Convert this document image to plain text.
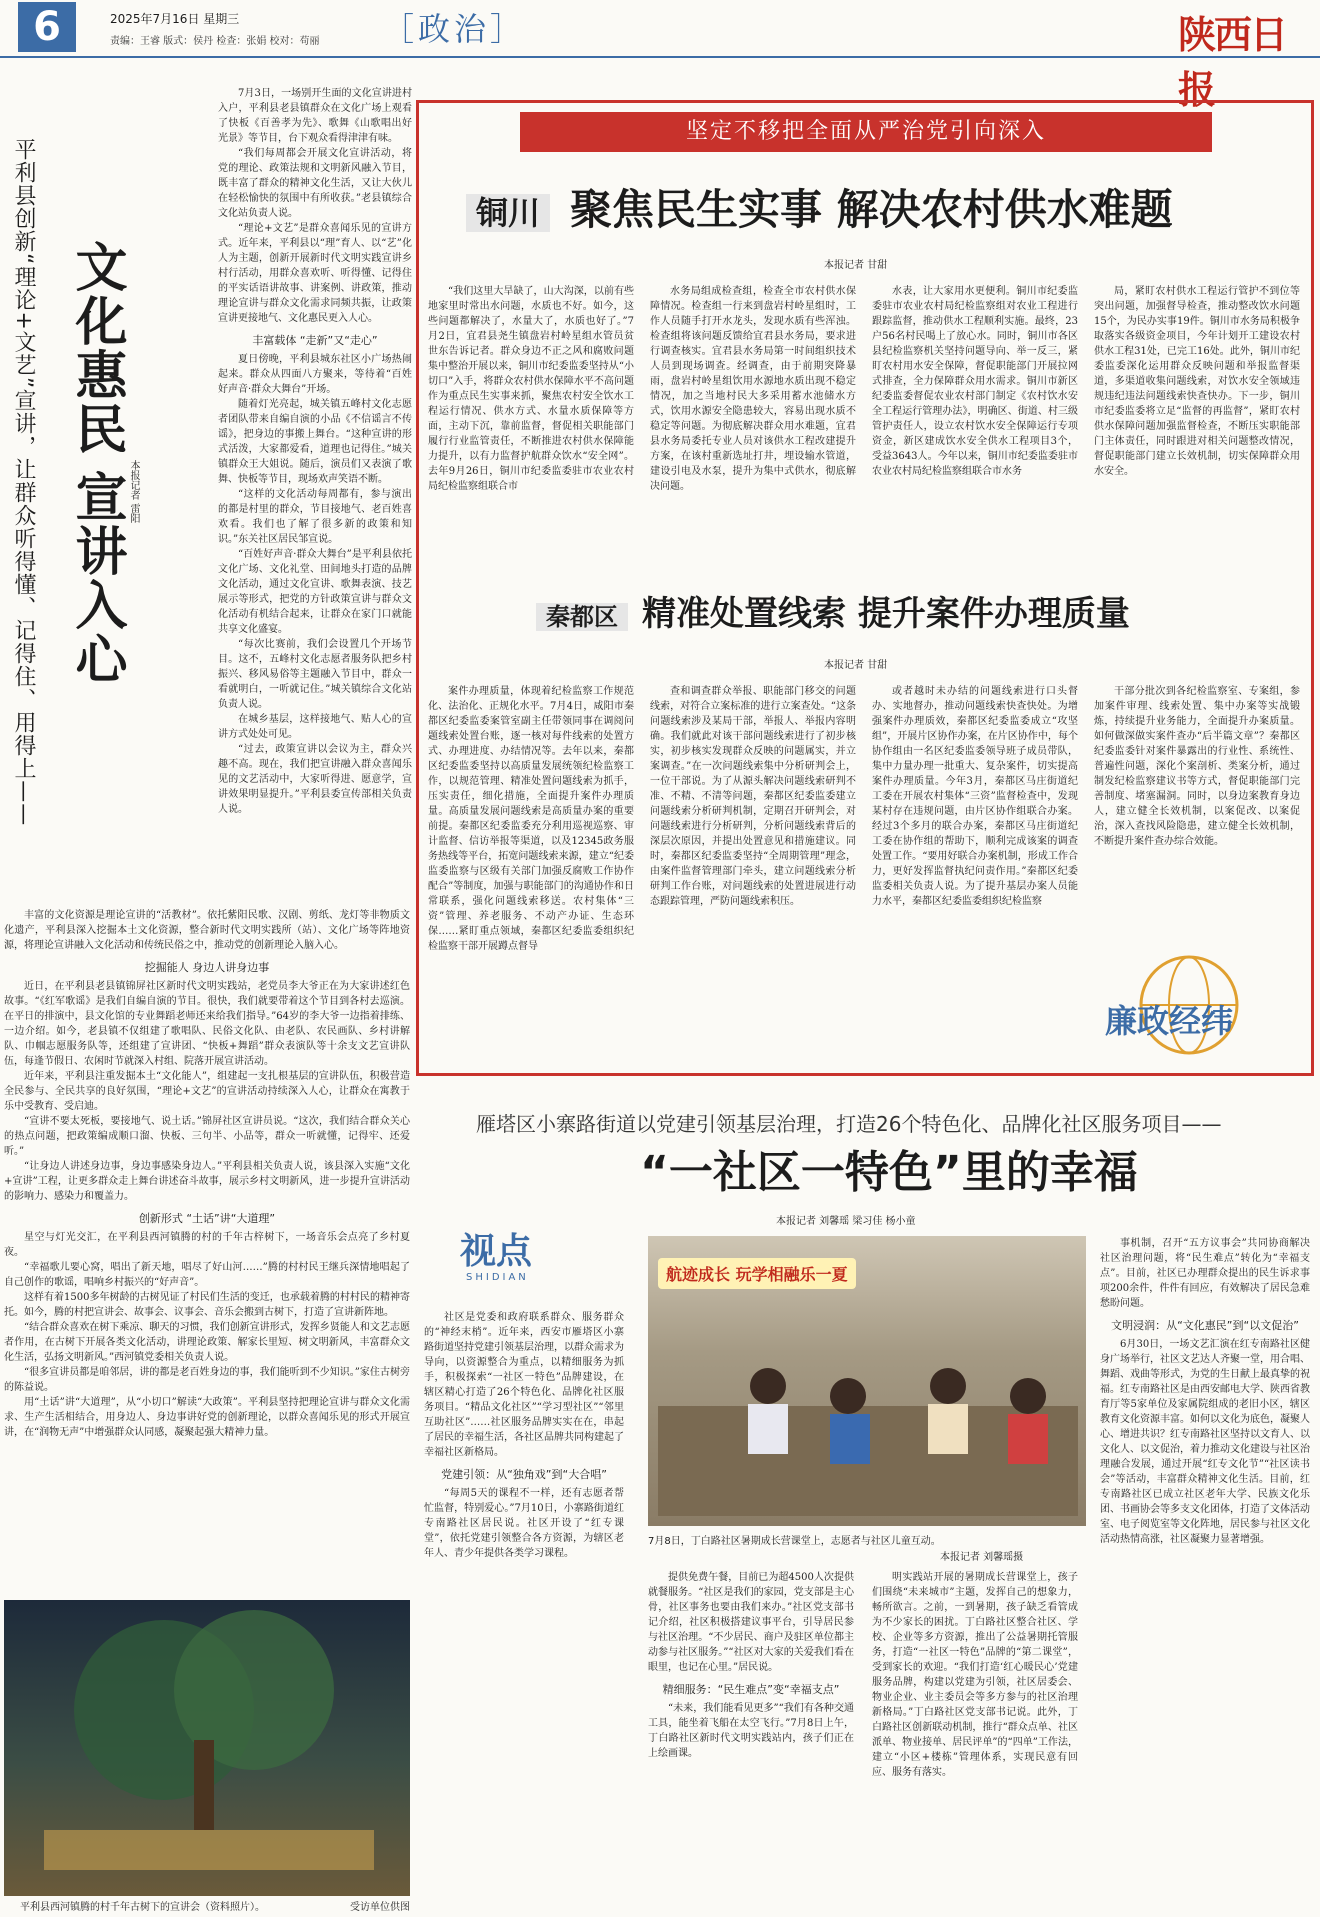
6	2025年7月16日 星期三
责编：王睿 版式：侯丹 检查：张娟 校对：苟丽 ［政治］	陕西日报
平利县创新“理论+文艺”宣讲，让群众听得懂、记得住、用得上—— 文化惠民
宣讲入心 本报记者 雷阳

7月3日，一场别开生面的文化宣讲进村入户，平利县老县镇群众在文化广场上观看了快板《百善孝为先》、歌舞《山歌唱出好光景》等节目，台下观众看得津津有味。

“我们每周都会开展文化宣讲活动，将党的理论、政策法规和文明新风融入节目，既丰富了群众的精神文化生活，又让大伙儿在轻松愉快的氛围中有所收获。”老县镇综合文化站负责人说。

“理论+文艺”是群众喜闻乐见的宣讲方式。近年来，平利县以“理”育人、以“艺”化人为主题，创新开展新时代文明实践宣讲乡村行活动，用群众喜欢听、听得懂、记得住的平实话语讲故事、讲案例、讲政策，推动理论宣讲与群众文化需求同频共振，让政策宣讲更接地气、文化惠民更入人心。

丰富载体 “走新”又“走心”

夏日傍晚，平利县城东社区小广场热闹起来。群众从四面八方聚来，等待着“百姓好声音·群众大舞台”开场。

随着灯光亮起，城关镇五峰村文化志愿者团队带来自编自演的小品《不信谣言不传谣》，把身边的事搬上舞台。“这种宣讲的形式活泼，大家都爱看，道理也记得住。”城关镇群众王大姐说。随后，演员们又表演了歌舞、快板等节目，现场欢声笑语不断。

“这样的文化活动每周都有，参与演出的都是村里的群众，节目接地气、老百姓喜欢看。我们也了解了很多新的政策和知识。”东关社区居民邹宣说。

“百姓好声音·群众大舞台”是平利县依托文化广场、文化礼堂、田间地头打造的品牌文化活动，通过文化宣讲、歌舞表演、技艺展示等形式，把党的方针政策宣讲与群众文化活动有机结合起来，让群众在家门口就能共享文化盛宴。

“每次比赛前，我们会设置几个开场节目。这不，五峰村文化志愿者服务队把乡村振兴、移风易俗等主题融入节目中，群众一看就明白，一听就记住。”城关镇综合文化站负责人说。

在城乡基层，这样接地气、贴人心的宣讲方式处处可见。

“过去，政策宣讲以会议为主，群众兴趣不高。现在，我们把宣讲融入群众喜闻乐见的文艺活动中，大家听得进、愿意学，宣讲效果明显提升。”平利县委宣传部相关负责人说。

丰富的文化资源是理论宣讲的“活教材”。依托紫阳民歌、汉剧、剪纸、龙灯等非物质文化遗产，平利县深入挖掘本土文化资源，整合新时代文明实践所（站）、文化广场等阵地资源，将理论宣讲融入文化活动和传统民俗之中，推动党的创新理论入脑入心。

挖掘能人 身边人讲身边事

近日，在平利县老县镇锦屏社区新时代文明实践站，老党员李大爷正在为大家讲述红色故事。“《红军歌谣》是我们自编自演的节目。很快，我们就要带着这个节目到各村去巡演。在平日的排演中，县文化馆的专业舞蹈老师还来给我们指导。”64岁的李大爷一边指着排练、一边介绍。如今，老县镇不仅组建了歌唱队、民俗文化队、由老队、农民画队、乡村讲解队、巾帼志愿服务队等，还组建了宣讲团、“快板+舞蹈”群众表演队等十余支文艺宣讲队伍，每逢节假日、农闲时节就深入村组、院落开展宣讲活动。

近年来，平利县注重发掘本土“文化能人”，组建起一支扎根基层的宣讲队伍，积极营造全民参与、全民共享的良好氛围，“理论+文艺”的宣讲活动持续深入人心，让群众在寓教于乐中受教育、受启迪。

“宣讲不要太死板，要接地气、说土话。”锦屏社区宣讲员说。“这次，我们结合群众关心的热点问题，把政策编成顺口溜、快板、三句半、小品等，群众一听就懂，记得牢、还爱听。”

“让身边人讲述身边事，身边事感染身边人。”平利县相关负责人说，该县深入实施“文化+宣讲”工程，让更多群众走上舞台讲述奋斗故事，展示乡村文明新风，进一步提升宣讲活动的影响力、感染力和覆盖力。

创新形式 “土话”讲“大道理”

星空与灯光交汇，在平利县西河镇腾的村的千年古梓树下，一场音乐会点亮了乡村夏夜。

“幸福歌儿要心窝，唱出了新天地，唱尽了好山河……”腾的村村民王继兵深情地唱起了自己创作的歌谣，唱响乡村振兴的“好声音”。

这样有着1500多年树龄的古树见证了村民们生活的变迁，也承载着腾的村村民的精神寄托。如今，腾的村把宣讲会、故事会、议事会、音乐会搬到古树下，打造了宣讲新阵地。

“结合群众喜欢在树下乘凉、聊天的习惯，我们创新宣讲形式，发挥乡贤能人和文艺志愿者作用，在古树下开展各类文化活动，讲理论政策、解家长里短、树文明新风，丰富群众文化生活，弘扬文明新风。”西河镇党委相关负责人说。

“很多宣讲员都是咱邻居，讲的都是老百姓身边的事，我们能听到不少知识。”家住古树旁的陈益说。

用“土话”讲“大道理”，从“小切口”解读“大政策”。平利县坚持把理论宣讲与群众文化需求、生产生活相结合，用身边人、身边事讲好党的创新理论，以群众喜闻乐见的形式开展宣讲，在“润物无声”中增强群众认同感，凝聚起强大精神力量。

平利县西河镇腾的村千年古树下的宣讲会（资料照片）。	受访单位供图
坚定不移把全面从严治党引向深入
铜川 聚焦民生实事 解决农村供水难题
本报记者 甘甜

“我们这里大旱缺了，山大沟深，以前有些地家里时常出水问题，水质也不好。如今，这些问题都解决了，水量大了，水质也好了。”7月2日，宜君县尧生镇盘岩村岭星组水管员贫世东告诉记者。群众身边不正之风和腐败问题集中整治开展以来，铜川市纪委监委坚持从“小切口”入手，将群众农村供水保障水平不高问题作为重点民生实事来抓，聚焦农村安全饮水工程运行情况、供水方式、水量水质保障等方面，主动下沉，靠前监督，督促相关职能部门履行行业监管责任，不断推进农村供水保障能力提升，以有力监督护航群众饮水“安全网”。去年9月26日，铜川市纪委监委驻市农业农村局纪检监察组联合市

水务局组成检查组，检查全市农村供水保障情况。检查组一行来到盘岩村岭星组时，工作人员随手打开水龙头，发现水质有些浑浊。检查组将该问题反馈给宜君县水务局，要求进行调查核实。宜君县水务局第一时间组织技术人员到现场调查。经调查，由于前期突降暴雨，盘岩村岭星组饮用水源地水质出现不稳定情况，加之当地村民大多采用蓄水池储水方式，饮用水源安全隐患较大，容易出现水质不稳定等问题。为彻底解决群众用水难题，宜君县水务局委托专业人员对该供水工程改建提升方案，在该村重新选址打井，埋设输水管道，建设引电及水泵，提升为集中式供水，彻底解决问题。

水表，让大家用水更便利。铜川市纪委监委驻市农业农村局纪检监察组对农业工程进行跟踪监督，推动供水工程顺利实施。最终，23户56名村民喝上了放心水。同时，铜川市各区县纪检监察机关坚持问题导向、举一反三，紧盯农村用水安全保障，督促职能部门开展拉网式排查，全力保障群众用水需求。铜川市新区纪委监委督促农业农村部门制定《农村饮水安全工程运行管理办法》，明确区、街道、村三级管护责任人，设立农村饮水安全保障运行专项资金，新区建成饮水安全供水工程项目3个，受益3643人。今年以来，铜川市纪委监委驻市农业农村局纪检监察组联合市水务

局，紧盯农村供水工程运行管护不到位等突出问题，加强督导检查，推动整改饮水问题15个，为民办实事19件。铜川市水务局积极争取落实各级资金项目，今年计划开工建设农村供水工程31处，已完工16处。此外，铜川市纪委监委深化运用群众反映问题和举报监督渠道，多渠道收集问题线索，对饮水安全领域违规违纪违法问题线索快查快办。下一步，铜川市纪委监委将立足“监督的再监督”，紧盯农村供水保障问题加强监督检查，不断压实职能部门主体责任，同时跟进对相关问题整改情况，督促职能部门建立长效机制，切实保障群众用水安全。

秦都区 精准处置线索 提升案件办理质量
本报记者 甘甜

案件办理质量，体现着纪检监察工作规范化、法治化、正规化水平。7月4日，咸阳市秦都区纪委监委案管室副主任带领同事在调阅问题线索处置台账，逐一核对每件线索的处置方式、办理进度、办结情况等。去年以来，秦都区纪委监委坚持以高质量发展统领纪检监察工作，以规范管理、精准处置问题线索为抓手，压实责任，细化措施，全面提升案件办理质量。高质量发展问题线索是高质量办案的重要前提。秦都区纪委监委充分利用巡视巡察、审计监督、信访举报等渠道，以及12345政务服务热线等平台，拓宽问题线索来源，建立“纪委监委监察与区级有关部门加强反腐败工作协作配合”等制度，加强与职能部门的沟通协作和日常联系，强化问题线索移送。农村集体“三资”管理、养老服务、不动产办证、生态环保……紧盯重点领域，秦都区纪委监委组织纪检监察干部开展蹲点督导

查和调查群众举报、职能部门移交的问题线索，对符合立案标准的进行立案查处。“这条问题线索涉及某局干部，举报人、举报内容明确。我们就此对该干部问题线索进行了初步核实，初步核实发现群众反映的问题属实，并立案调查。”在一次问题线索集中分析研判会上，一位干部说。为了从源头解决问题线索研判不准、不精、不清等问题，秦都区纪委监委建立问题线索分析研判机制，定期召开研判会，对问题线索进行分析研判，分析问题线索背后的深层次原因，并提出处置意见和措施建议。同时，秦都区纪委监委坚持“全周期管理”理念，由案件监督管理部门牵头，建立问题线索分析研判工作台账，对问题线索的处置进展进行动态跟踪管理，严防问题线索积压。

或者越时未办结的问题线索进行口头督办、实地督办，推动问题线索快查快处。为增强案件办理质效，秦都区纪委监委成立“攻坚组”，开展片区协作办案，在片区协作中，每个协作组由一名区纪委监委领导班子成员带队，集中力量办理一批重大、复杂案件，切实提高案件办理质量。今年3月，秦都区马庄街道纪工委在开展农村集体“三资”监督检查中，发现某村存在违规问题，由片区协作组联合办案。经过3个多月的联合办案，秦都区马庄街道纪工委在协作组的帮助下，顺利完成该案的调查处置工作。“要用好联合办案机制，形成工作合力，更好发挥监督执纪问责作用。”秦都区纪委监委相关负责人说。为了提升基层办案人员能力水平，秦都区纪委监委组织纪检监察

干部分批次到各纪检监察室、专案组，参加案件审理、线索处置、集中办案等实战锻炼，持续提升业务能力，全面提升办案质量。如何做深做实案件查办“后半篇文章”？秦都区纪委监委针对案件暴露出的行业性、系统性、普遍性问题，深化个案剖析、类案分析，通过制发纪检监察建议书等方式，督促职能部门完善制度、堵塞漏洞。同时，以身边案教育身边人，建立健全长效机制，以案促改、以案促治，深入查找风险隐患，建立健全长效机制，不断提升案件查办综合效能。

廉政经纬
雁塔区小寨路街道以党建引领基层治理，打造26个特色化、品牌化社区服务项目——
“一社区一特色”里的幸福
本报记者 刘馨瑶 梁习佳 杨小童
视点
SHIDIAN

社区是党委和政府联系群众、服务群众的“神经末梢”。近年来，西安市雁塔区小寨路街道坚持党建引领基层治理，以群众需求为导向，以资源整合为重点，以精细服务为抓手，积极探索“一社区一特色”品牌建设，在辖区精心打造了26个特色化、品牌化社区服务项目。“精品文化社区”“学习型社区”“邻里互助社区”……社区服务品牌实实在在，串起了居民的幸福生活，各社区品牌共同构建起了幸福社区新格局。

党建引领：从“独角戏”到“大合唱”

“每周5天的课程不一样，还有志愿者帮忙监督，特别爱心。”7月10日，小寨路街道红专南路社区居民说。社区开设了“红专课堂”，依托党建引领整合各方资源，为辖区老年人、青少年提供各类学习课程。

航迹成长 玩学相融乐一夏
7月8日，丁白路社区暑期成长营课堂上，志愿者与社区儿童互动。
本报记者 刘馨瑶摄

提供免费午餐，目前已为超4500人次提供就餐服务。“社区是我们的家园，党支部是主心骨，社区事务也要由我们来办。”社区党支部书记介绍，社区积极搭建议事平台，引导居民参与社区治理。“不少居民、商户及驻区单位都主动参与社区服务。”“社区对大家的关爱我们看在眼里，也记在心里。”居民说。

精细服务：“民生难点”变“幸福支点”

“未来，我们能看见更多”“我们有各种交通工具，能坐着飞船在太空飞行。”7月8日上午，丁白路社区新时代文明实践站内，孩子们正在上绘画课。

明实践站开展的暑期成长营课堂上，孩子们围绕“未来城市”主题，发挥自己的想象力，畅所欲言。之前，一到暑期，孩子缺乏看管成为不少家长的困扰。丁白路社区整合社区、学校、企业等多方资源，推出了公益暑期托管服务，打造“一社区一特色”品牌的“第二课堂”，受到家长的欢迎。“我们打造‘红心暖民心’党建服务品牌，构建以党建为引领，社区居委会、物业企业、业主委员会等多方参与的社区治理新格局。”丁白路社区党支部书记说。此外，丁白路社区创新联动机制，推行“群众点单、社区派单、物业接单、居民评单”的“四单”工作法，建立“小区+楼栋”管理体系，实现民意有回应、服务有落实。

事机制，召开“五方议事会”共同协商解决社区治理问题，将“民生难点”转化为“幸福支点”。目前，社区已办理群众提出的民生诉求事项200余件，件件有回应，有效解决了居民急难愁盼问题。

文明浸润：从“文化惠民”到“以文促治”

6月30日，一场文艺汇演在红专南路社区健身广场举行，社区文艺达人齐聚一堂，用合唱、舞蹈、戏曲等形式，为党的生日献上最真挚的祝福。红专南路社区是由西安邮电大学、陕西省教育厅等5家单位及家属院组成的老旧小区，辖区教育文化资源丰富。如何以文化为底色，凝聚人心、增进共识？红专南路社区坚持以文育人、以文化人、以文促治，着力推动文化建设与社区治理融合发展，通过开展“红专文化节”“社区读书会”等活动，丰富群众精神文化生活。目前，红专南路社区已成立社区老年大学、民族文化乐团、书画协会等多支文化团体，打造了文体活动室、电子阅览室等文化阵地，居民参与社区文化活动热情高涨，社区凝聚力显著增强。
